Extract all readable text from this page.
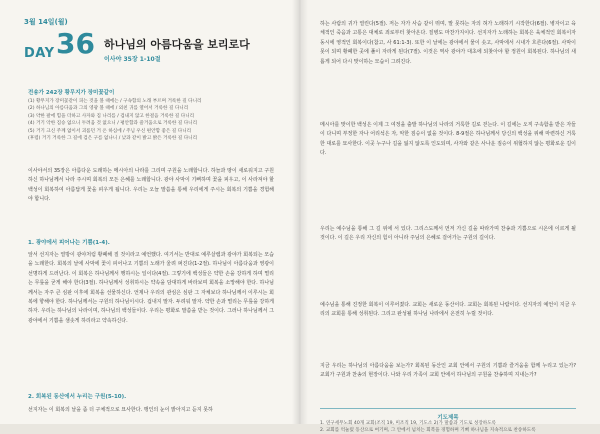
3월 14일(월)
DAY 36 하나님의 아름다움을 보리로다
이사야 35장 1-10절
전송가 242장 황무지가 장미꽃같이
(1) 황무지가 장미꽃같이 피는 것을 볼 때에는 / 구속함의 노래 부르며 거룩한 길 다니리
(2) 하나님의 아름다움과 그의 영광 볼 때에 / 외친 귀를 열어서 거룩한 길 다니리
(3) 약한 팔에 힘을 더하고 사자와 짐 나리를 / 겁내지 않고 한걸음 거룩한 길 다니리
(4) 거기 악한 짐승 없으니 두려움 것 없으니 / 평안함과 즐거움으로 거룩한 길 다니리
(5) 거기 크신 주께 없이서 괴롭던 거 온 하심에 / 주님 우신 편안함 좋은 길 다니리
(후렴) 거기 거룩한 그 길에 검은 구름 없나니 / 낮과 같이 밝고 밝은 거룩한 길 다니리

이사야서의 35장은 아름다운 도래하는 메시아의 나라를 그리며 구원을 노래합니다. 하늘과 땅이 새로워지고 구원하신 하나님께서 나라 주시며 회복의 모든 은혜를 노래합니다. 광야 사막이 기뻐하며 꽃을 피우고, 이 사라져야 할 백성이 회복하여 아름답게 꽃을 피우게 됩니다. 우리는 오늘 말씀을 통해 우리에게 주시는 회복의 기쁨을 경험해야 합니다.

1. 광야에서 피어나는 기쁨(1-4).

앞서 선지자는 열방이 광야처럼 황폐해 질 것이라고 예언했다. 여기서는 반대로 예루살렘과 광야가 회복되는 모습을 노래한다. 회복의 날에 사막에 꽃이 피어나고 기쁨의 노래가 울려 퍼진다(1-2절). 하나님이 아름다움과 영광이 선명하게 드러난다. 이 회복은 하나님께서 행하시는 일이다(4절). 그렇기에 백성들은 약한 손을 강하게 하며 떨리는 무릎을 굳게 해야 한다(3절). 하나님께서 성취하시는 약속을 담대하게 바라보며 회복을 소망해야 한다. 하나님께서는 자주 큰 심판 이후에 회복을 선물하신다. 언제나 우리의 관심은 심판 그 자체보다 하나님께서 이루시는 회복에 향해야 한다. 하나님께서는 구원의 하나님이시다. 겁내지 말자. 두려워 말자. 약한 손과 떨리는 무릎을 강하게 하자. 우리는 하나님의 나라이며, 하나님의 백성들이다. 우리는 평화로 말씀을 받는 것이다. 그러나 하나님께서 그 광야에서 기쁨을 샘솟게 하리라고 약속하신다.

2. 회복된 동산에서 누리는 구원(5-10).

선지자는 이 회복의 날을 좀 더 구체적으로 묘사한다. 맹인의 눈이 밝아지고 듣지 못하

하는 사람의 귀가 열린다(5절). 저는 자가 사슴 같이 뛰며, 말 못하는 자의 혀가 노래하기 시작한다(6절). 병자이고 육체적인 죽음과 고통은 대체로 죄로부터 찾아온다. 질병도 마찬가지이다. 선지자가 노래하는 회복은 육체적인 회복이자 동시에 영적인 회복이다(참고, 사 61:1-3). 또한 이 날에는 광야에서 물이 솟고, 사막에서 시내가 흐른다(6절). 사막이 못이 되며 황폐한 곳에 풀이 자라게 된다(7절). 이것은 역사 광야가 대초에 되찾아야 할 정원이 회복된다. 하나님의 새롭게 되어 다시 맞이하는 모습이 그려진다.

메시아를 맞이한 백성은 이제 그 여정을 출발 하나님의 나라의 거룩한 길로 걷는다. 이 길에는 오직 구속함을 받은 자들이 다니며 부정한 자나 어리석은 자, 악한 짐승이 없을 것이다. 8-9절은 하나님께서 당신의 백성을 위해 마련하신 거룩한 대로를 묘사한다. 이곳 누구나 길을 잃지 않도록 인도되며, 사자와 같은 사나운 짐승이 위협하지 않는 평화로운 길이다.

우리는 예수님을 통해 그 길 위에 서 있다. 그리스도께서 먼저 가신 길을 따라가며 찬송과 기쁨으로 시온에 이르게 될 것이다. 이 길은 우리 자신의 힘이 아니라 주님의 은혜로 걸어가는 구원의 길이다.

예수님을 통해 진정한 회복이 이루어졌다. 교회는 새로운 동산이다. 교회는 회복된 나람이다. 선지자의 예언이 지금 우리의 교회를 통해 성취된다. 그리고 완성될 하나님 나라에서 온전히 누릴 것이다.

지금 우리는 하나님의 아름다움을 보는가? 회복된 동산인 교회 안에서 구원의 기쁨과 즐거움을 함께 누리고 있는가? 교회가 구원과 찬송의 현장이다. 나와 우리 가족이 교회 안에서 하나님의 구원을 찬송하며 지내는가?

기도제목
1. 연구세무노회 40개 교회(조직 19, 미조직 19, 기도소 2)가 말씀과 기도로 성장하도록
2. 교회를 억눌렀 동산으로 여기며, 그 안에서 넘치는 회복을 경험하며 기뻐 하나님을 지속적으로 찬송하도록
